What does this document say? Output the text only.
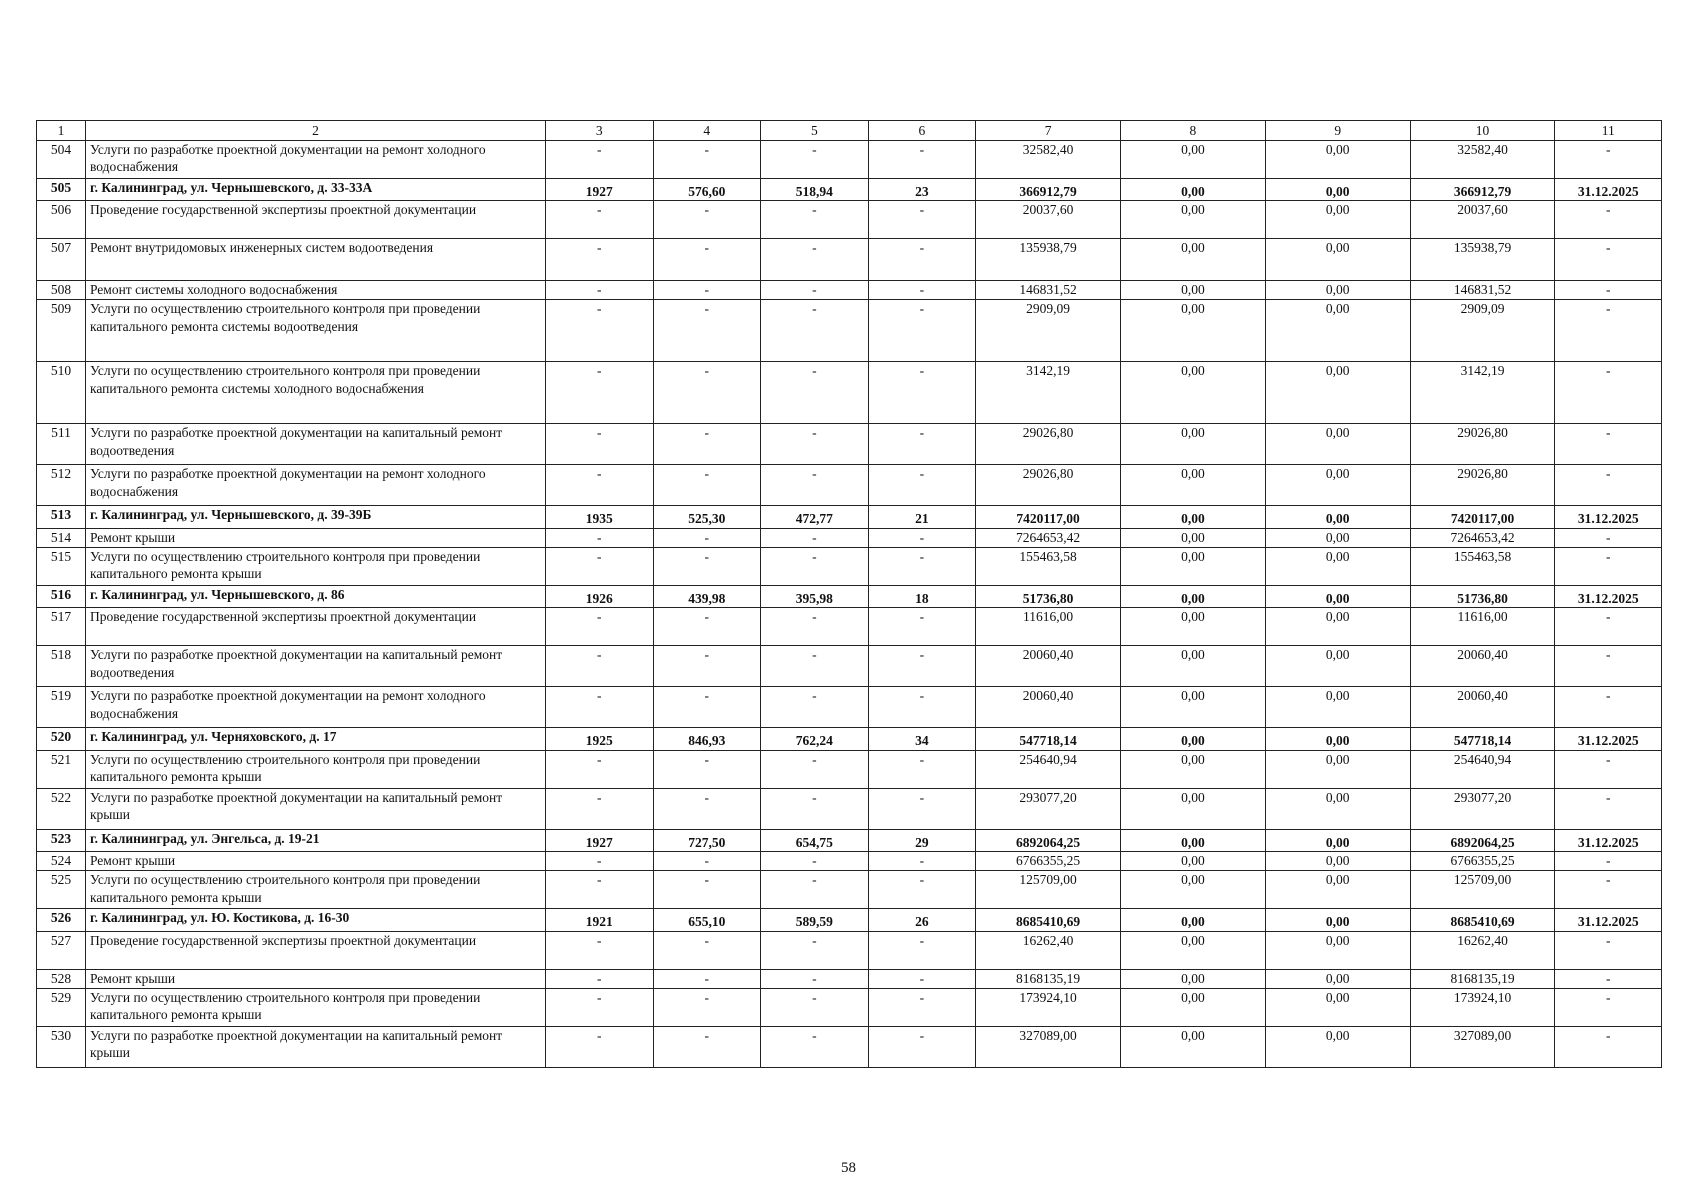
1	2	3	4	5	6	7	8	9	10	11
504	Услуги по разработке проектной документации на ремонт холодного водоснабжения	-	-	-	-	32582,40	0,00	0,00	32582,40	-
505	г. Калининград, ул. Чернышевского, д. 33-33А	1927	576,60	518,94	23	366912,79	0,00	0,00	366912,79	31.12.2025
506	Проведение государственной экспертизы проектной документации	-	-	-	-	20037,60	0,00	0,00	20037,60	-
507	Ремонт внутридомовых инженерных систем водоотведения	-	-	-	-	135938,79	0,00	0,00	135938,79	-
508	Ремонт системы холодного водоснабжения	-	-	-	-	146831,52	0,00	0,00	146831,52	-
509	Услуги по осуществлению строительного контроля при проведении капитального ремонта системы водоотведения	-	-	-	-	2909,09	0,00	0,00	2909,09	-
510	Услуги по осуществлению строительного контроля при проведении капитального ремонта системы холодного водоснабжения	-	-	-	-	3142,19	0,00	0,00	3142,19	-
511	Услуги по разработке проектной документации на капитальный ремонт водоотведения	-	-	-	-	29026,80	0,00	0,00	29026,80	-
512	Услуги по разработке проектной документации на ремонт холодного водоснабжения	-	-	-	-	29026,80	0,00	0,00	29026,80	-
513	г. Калининград, ул. Чернышевского, д. 39-39Б	1935	525,30	472,77	21	7420117,00	0,00	0,00	7420117,00	31.12.2025
514	Ремонт крыши	-	-	-	-	7264653,42	0,00	0,00	7264653,42	-
515	Услуги по осуществлению строительного контроля при проведении капитального ремонта крыши	-	-	-	-	155463,58	0,00	0,00	155463,58	-
516	г. Калининград, ул. Чернышевского, д. 86	1926	439,98	395,98	18	51736,80	0,00	0,00	51736,80	31.12.2025
517	Проведение государственной экспертизы проектной документации	-	-	-	-	11616,00	0,00	0,00	11616,00	-
518	Услуги по разработке проектной документации на капитальный ремонт водоотведения	-	-	-	-	20060,40	0,00	0,00	20060,40	-
519	Услуги по разработке проектной документации на ремонт холодного водоснабжения	-	-	-	-	20060,40	0,00	0,00	20060,40	-
520	г. Калининград, ул. Черняховского, д. 17	1925	846,93	762,24	34	547718,14	0,00	0,00	547718,14	31.12.2025
521	Услуги по осуществлению строительного контроля при проведении капитального ремонта крыши	-	-	-	-	254640,94	0,00	0,00	254640,94	-
522	Услуги по разработке проектной документации на капитальный ремонт крыши	-	-	-	-	293077,20	0,00	0,00	293077,20	-
523	г. Калининград, ул. Энгельса, д. 19-21	1927	727,50	654,75	29	6892064,25	0,00	0,00	6892064,25	31.12.2025
524	Ремонт крыши	-	-	-	-	6766355,25	0,00	0,00	6766355,25	-
525	Услуги по осуществлению строительного контроля при проведении капитального ремонта крыши	-	-	-	-	125709,00	0,00	0,00	125709,00	-
526	г. Калининград, ул. Ю. Костикова, д. 16-30	1921	655,10	589,59	26	8685410,69	0,00	0,00	8685410,69	31.12.2025
527	Проведение государственной экспертизы проектной документации	-	-	-	-	16262,40	0,00	0,00	16262,40	-
528	Ремонт крыши	-	-	-	-	8168135,19	0,00	0,00	8168135,19	-
529	Услуги по осуществлению строительного контроля при проведении капитального ремонта крыши	-	-	-	-	173924,10	0,00	0,00	173924,10	-
530	Услуги по разработке проектной документации на капитальный ремонт крыши	-	-	-	-	327089,00	0,00	0,00	327089,00	-
58
